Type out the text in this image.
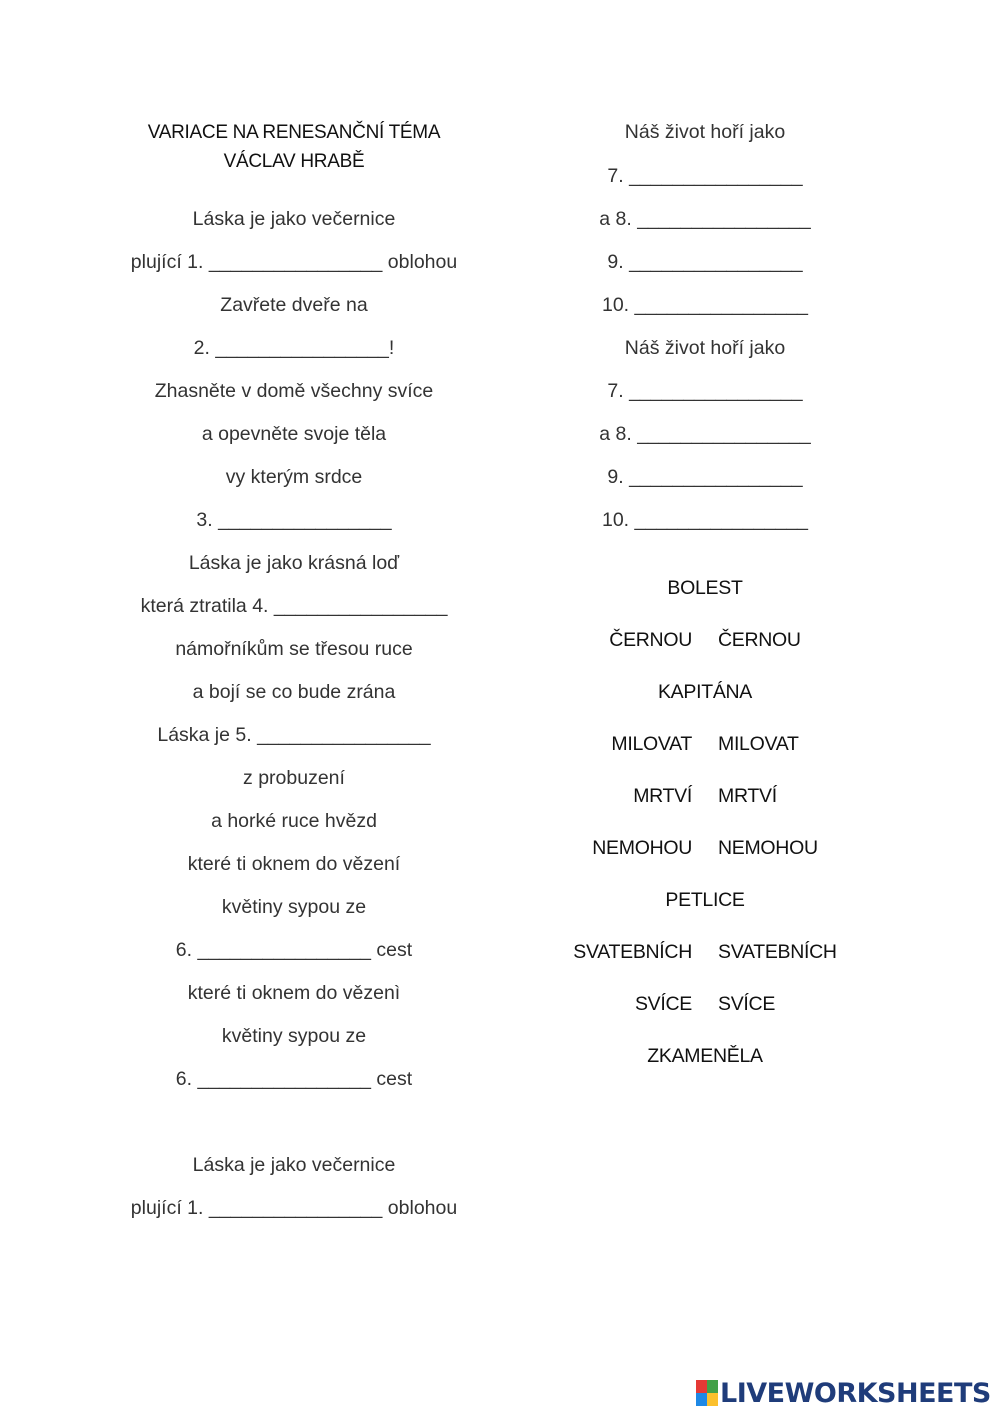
VARIACE NA RENESANČNÍ TÉMA
VÁCLAV HRABĚ
Láska je jako večernice
plující 1. ________________ oblohou
Zavřete dveře na
2. ________________!
Zhasněte v domě všechny svíce
a opevněte svoje těla
vy kterým srdce
3. ________________
Láska je jako krásná loď
která ztratila 4. ________________
námořníkům se třesou ruce
a bojí se co bude zrána
Láska je 5. ________________
z probuzení
a horké ruce hvězd
které ti oknem do vězení
květiny sypou ze
6. ________________ cest
které ti oknem do vězenì
květiny sypou ze
6. ________________ cest
Láska je jako večernice
plující 1. ________________ oblohou
Náš život hoří jako
7. ________________
a 8. ________________
9. ________________
10. ________________
Náš život hoří jako
7. ________________
a 8. ________________
9. ________________
10. ________________
BOLEST
ČERNOU ČERNOU
KAPITÁNA
MILOVAT MILOVAT
MRTVÍ MRTVÍ
NEMOHOU NEMOHOU
PETLICE
SVATEBNÍCH SVATEBNÍCH
SVÍCE SVÍCE
ZKAMENĚLA
LIVEWORKSHEETS
